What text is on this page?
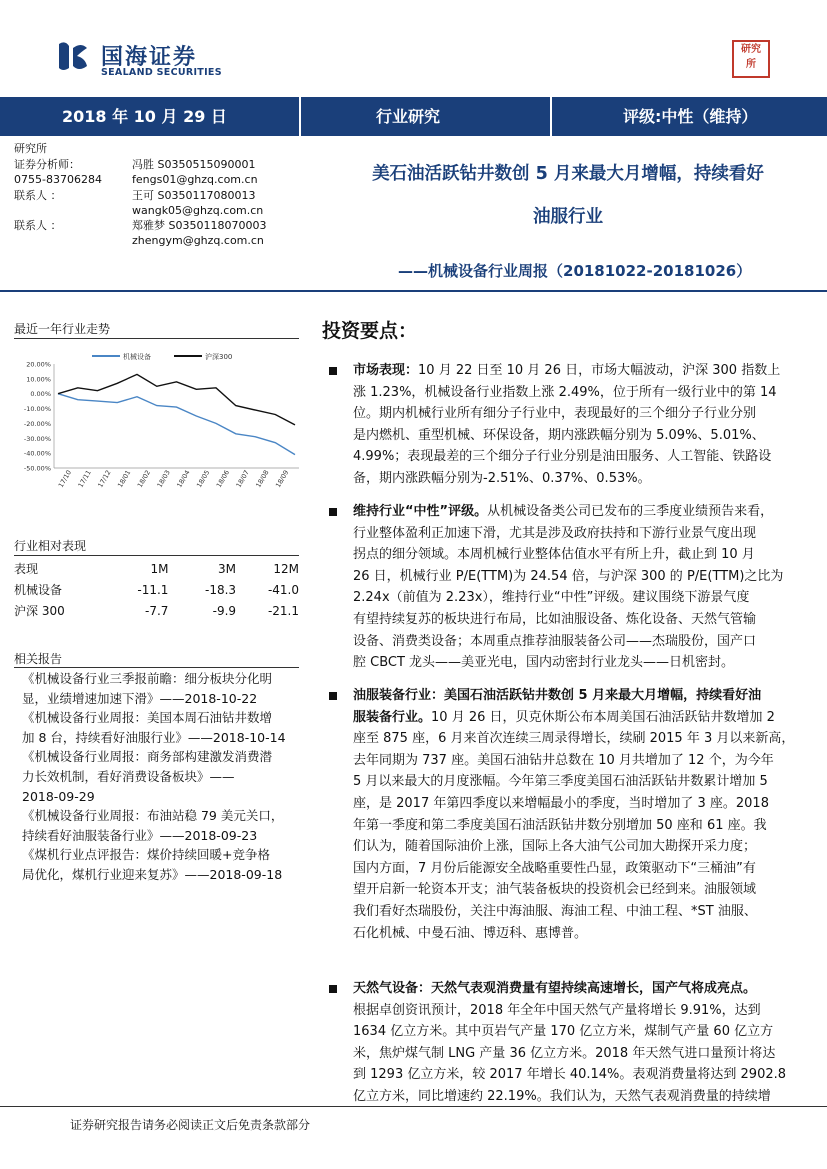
国海证券
SEALAND SECURITIES
研究
所
2018 年 10 月 29 日	行业研究	评级:中性（维持）
研究所
证券分析师：	冯胜 S0350515090001
0755-83706284	fengs01@ghzq.com.cn
联系人 ：	王可 S0350117080013
wangk05@ghzq.com.cn
联系人 ：	郑雅梦 S0350118070003
zhengym@ghzq.com.cn
美石油活跃钻井数创 5 月来最大月增幅，持续看好
油服行业
——机械设备行业周报（20181022-20181026）
最近一年行业走势
机械设备	沪深300
20.00%
10.00%
0.00%
-10.00%
-20.00%
-30.00%
-40.00%
-50.00%
17/10 17/11 17/12 18/01 18/02 18/03 18/04 18/05 18/06 18/07 18/08 18/09
行业相对表现
表现		1M	3M	12M
机械设备		-11.1	-18.3	-41.0
沪深 300		-7.7	-9.9	-21.1
相关报告
《机械设备行业三季报前瞻：细分板块分化明
显，业绩增速加速下滑》——2018-10-22
《机械设备行业周报：美国本周石油钻井数增
加 8 台，持续看好油服行业》——2018-10-14
《机械设备行业周报：商务部构建激发消费潜
力长效机制，看好消费设备板块》——
2018-09-29
《机械设备行业周报：布油站稳 79 美元关口，
持续看好油服装备行业》——2018-09-23
《煤机行业点评报告：煤价持续回暖+竞争格
局优化，煤机行业迎来复苏》——2018-09-18
投资要点：
市场表现：10 月 22 日至 10 月 26 日，市场大幅波动，沪深 300 指数上
涨 1.23%，机械设备行业指数上涨 2.49%，位于所有一级行业中的第 14
位。期内机械行业所有细分子行业中，表现最好的三个细分子行业分别
是内燃机、重型机械、环保设备，期内涨跌幅分别为 5.09%、5.01%、
4.99%；表现最差的三个细分子行业分别是油田服务、人工智能、铁路设
备，期内涨跌幅分别为-2.51%、0.37%、0.53%。
维持行业“中性”评级。从机械设备类公司已发布的三季度业绩预告来看，
行业整体盈利正加速下滑，尤其是涉及政府扶持和下游行业景气度出现
拐点的细分领域。本周机械行业整体估值水平有所上升，截止到 10 月
26 日，机械行业 P/E(TTM)为 24.54 倍，与沪深 300 的 P/E(TTM)之比为
2.24x（前值为 2.23x），维持行业“中性”评级。建议围绕下游景气度
有望持续复苏的板块进行布局，比如油服设备、炼化设备、天然气管输
设备、消费类设备；本周重点推荐油服装备公司——杰瑞股份，国产口
腔 CBCT 龙头——美亚光电，国内动密封行业龙头——日机密封。
油服装备行业：美国石油活跃钻井数创 5 月来最大月增幅，持续看好油
服装备行业。10 月 26 日，贝克休斯公布本周美国石油活跃钻井数增加 2
座至 875 座，6 月来首次连续三周录得增长，续刷 2015 年 3 月以来新高，
去年同期为 737 座。美国石油钻井总数在 10 月共增加了 12 个，为今年
5 月以来最大的月度涨幅。今年第三季度美国石油活跃钻井数累计增加 5
座，是 2017 年第四季度以来增幅最小的季度，当时增加了 3 座。2018
年第一季度和第二季度美国石油活跃钻井数分别增加 50 座和 61 座。我
们认为，随着国际油价上涨，国际上各大油气公司加大勘探开采力度；
国内方面，7 月份后能源安全战略重要性凸显，政策驱动下“三桶油”有
望开启新一轮资本开支；油气装备板块的投资机会已经到来。油服领域
我们看好杰瑞股份，关注中海油服、海油工程、中油工程、*ST 油服、
石化机械、中曼石油、博迈科、惠博普。
天然气设备：天然气表观消费量有望持续高速增长，国产气将成亮点。
根据卓创资讯预计，2018 年全年中国天然气产量将增长 9.91%，达到
1634 亿立方米。其中页岩气产量 170 亿立方米，煤制气产量 60 亿立方
米，焦炉煤气制 LNG 产量 36 亿立方米。2018 年天然气进口量预计将达
到 1293 亿立方米，较 2017 年增长 40.14%。表观消费量将达到 2902.8
亿立方米，同比增速约 22.19%。我们认为，天然气表观消费量的持续增
证券研究报告请务必阅读正文后免责条款部分
